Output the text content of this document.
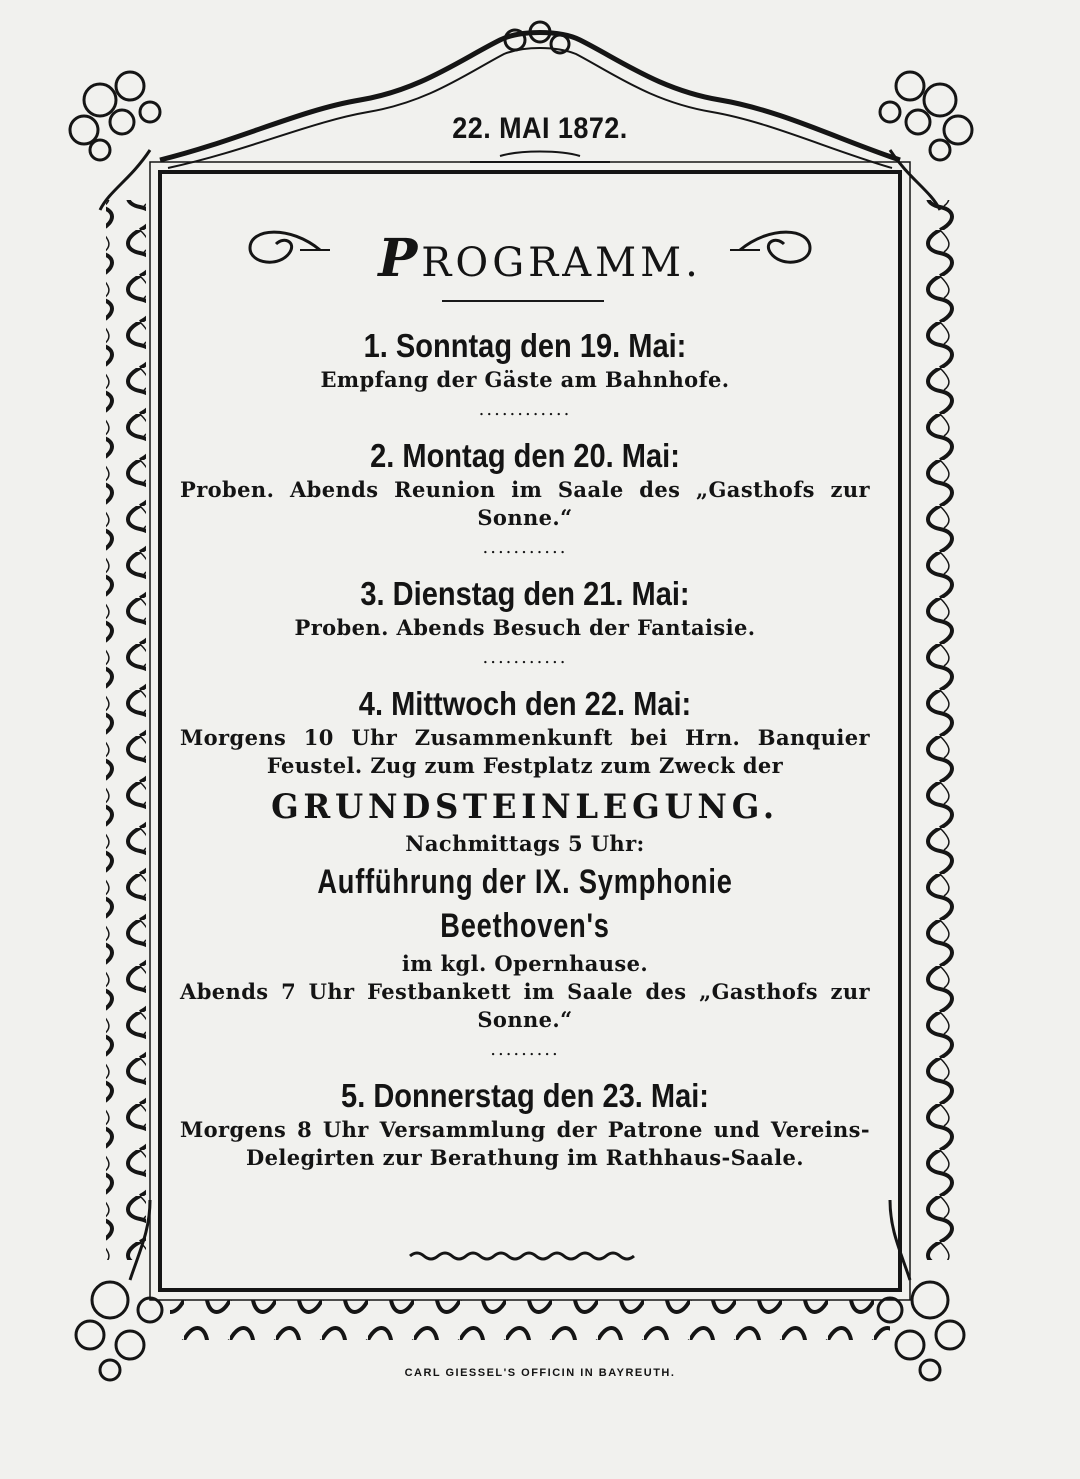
22. MAI 1872.
PROGRAMM.

1. Sonntag den 19. Mai:

Empfang der Gäste am Bahnhofe.

............

2. Montag den 20. Mai:

Proben. Abends Reunion im Saale des „Gasthofs zur Sonne.“

...........

3. Dienstag den 21. Mai:

Proben. Abends Besuch der Fantaisie.

...........

4. Mittwoch den 22. Mai:

Morgens 10 Uhr Zusammenkunft bei Hrn. Banquier Feustel. Zug zum Festplatz zum Zweck der

GRUNDSTEINLEGUNG.

Nachmittags 5 Uhr:

Aufführung der IX. Symphonie Beethoven's

im kgl. Opernhause.

Abends 7 Uhr Festbankett im Saale des „Gasthofs zur Sonne.“

.........

5. Donnerstag den 23. Mai:

Morgens 8 Uhr Versammlung der Patrone und Vereins-Delegirten zur Berathung im Rathhaus-Saale.

CARL GIESSEL'S OFFICIN IN BAYREUTH.
